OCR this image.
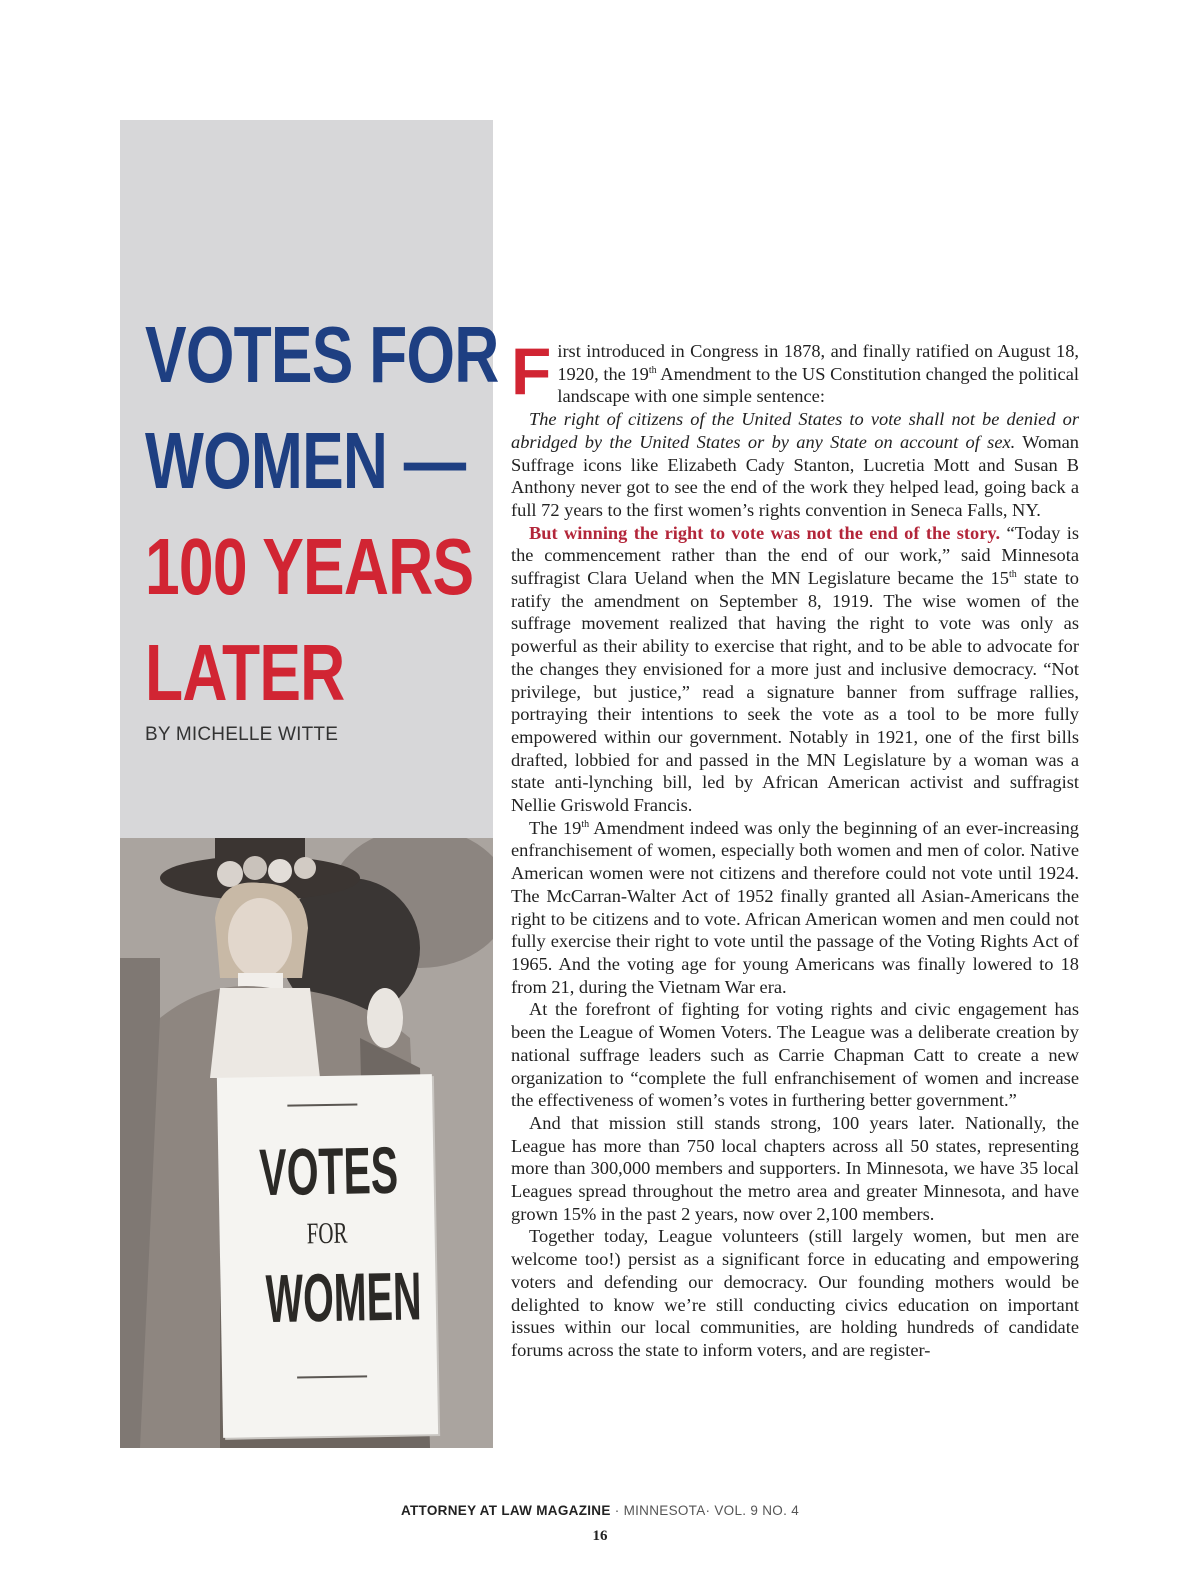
VOTES FOR
WOMEN —
100 YEARS
LATER
BY MICHELLE WITTE
VOTES
FOR
WOMEN

First introduced in Congress in 1878, and finally ratified on August 18, 1920, the 19th Amendment to the US Constitution changed the political landscape with one simple sentence:

The right of citizens of the United States to vote shall not be denied or abridged by the United States or by any State on account of sex. Woman Suffrage icons like Elizabeth Cady Stanton, Lucretia Mott and Susan B Anthony never got to see the end of the work they helped lead, going back a full 72 years to the first women’s rights convention in Seneca Falls, NY.

But winning the right to vote was not the end of the story. “Today is the commencement rather than the end of our work,” said Minnesota suffragist Clara Ueland when the MN Legislature became the 15th state to ratify the amendment on September 8, 1919. The wise women of the suffrage movement realized that having the right to vote was only as powerful as their ability to exercise that right, and to be able to advocate for the changes they envisioned for a more just and inclusive democracy. “Not privilege, but justice,” read a signature banner from suffrage rallies, portraying their intentions to seek the vote as a tool to be more fully empowered within our government. Notably in 1921, one of the first bills drafted, lobbied for and passed in the MN Legislature by a woman was a state anti-lynching bill, led by African American activist and suffragist Nellie Griswold Francis.

The 19th Amendment indeed was only the beginning of an ever-increasing enfranchisement of women, especially both women and men of color. Native American women were not citizens and therefore could not vote until 1924. The McCarran-Walter Act of 1952 finally granted all Asian-Americans the right to be citizens and to vote. African American women and men could not fully exercise their right to vote until the passage of the Voting Rights Act of 1965. And the voting age for young Americans was finally lowered to 18 from 21, during the Vietnam War era.

At the forefront of fighting for voting rights and civic engagement has been the League of Women Voters. The League was a deliberate creation by national suffrage leaders such as Carrie Chapman Catt to create a new organization to “complete the full enfranchisement of women and increase the effectiveness of women’s votes in furthering better government.”

And that mission still stands strong, 100 years later. Nationally, the League has more than 750 local chapters across all 50 states, representing more than 300,000 members and supporters. In Minnesota, we have 35 local Leagues spread throughout the metro area and greater Minnesota, and have grown 15% in the past 2 years, now over 2,100 members.

Together today, League volunteers (still largely women, but men are welcome too!) persist as a significant force in educating and empowering voters and defending our democracy. Our founding mothers would be delighted to know we’re still conducting civics education on important issues within our local communities, are holding hundreds of candidate forums across the state to inform voters, and are register-

ATTORNEY AT LAW MAGAZINE · MINNESOTA· VOL. 9 NO. 4
16
